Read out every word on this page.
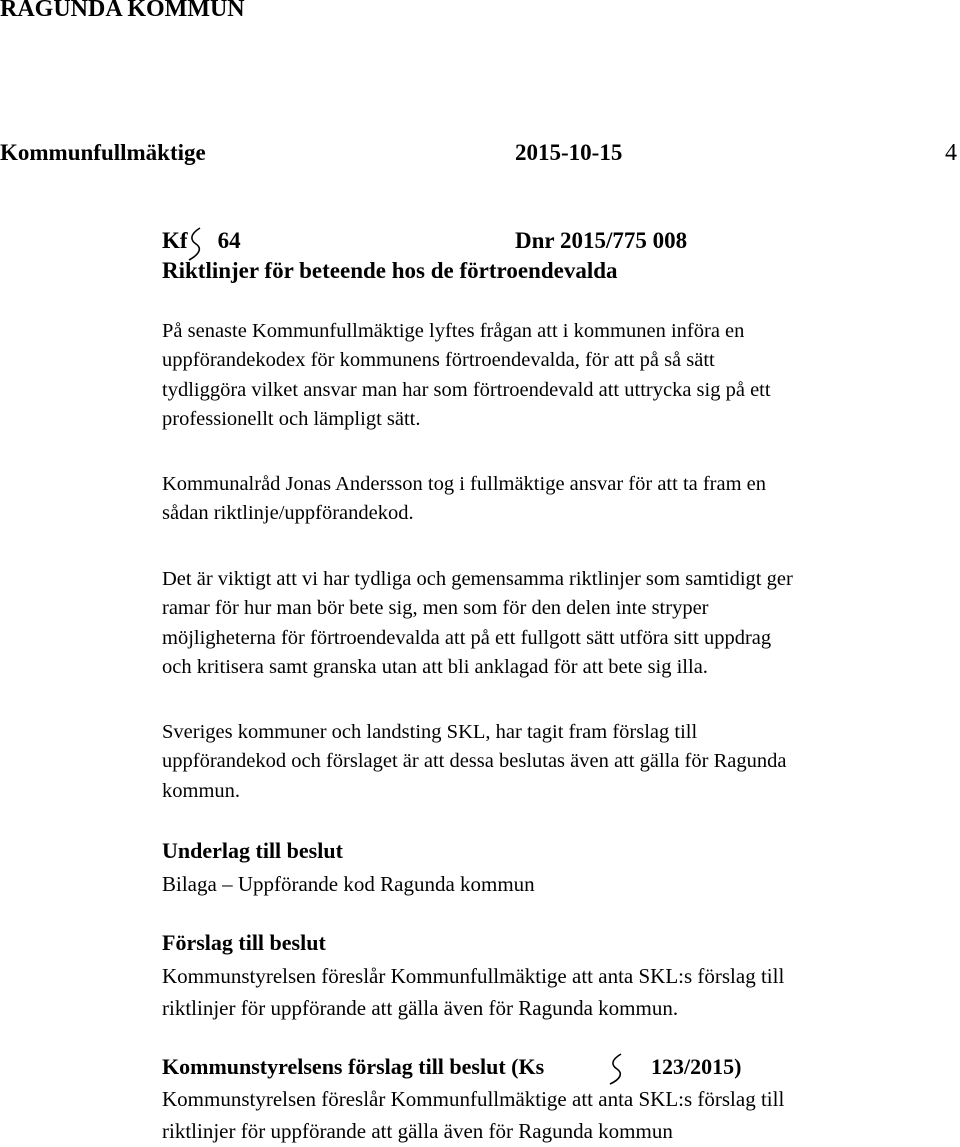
RAGUNDA KOMMUN
Kommunfullmäktige	2015-10-15	4
Kf 64	Dnr 2015/775 008
Riktlinjer för beteende hos de förtroendevalda

På senaste Kommunfullmäktige lyftes frågan att i kommunen införa en

uppförandekodex för kommunens förtroendevalda, för att på så sätt

tydliggöra vilket ansvar man har som förtroendevald att uttrycka sig på ett

professionellt och lämpligt sätt.

Kommunalråd Jonas Andersson tog i fullmäktige ansvar för att ta fram en

sådan riktlinje/uppförandekod.

Det är viktigt att vi har tydliga och gemensamma riktlinjer som samtidigt ger

ramar för hur man bör bete sig, men som för den delen inte stryper

möjligheterna för förtroendevalda att på ett fullgott sätt utföra sitt uppdrag

och kritisera samt granska utan att bli anklagad för att bete sig illa.

Sveriges kommuner och landsting SKL, har tagit fram förslag till

uppförandekod och förslaget är att dessa beslutas även att gälla för Ragunda

kommun.

Underlag till beslut

Bilaga – Uppförande kod Ragunda kommun

Förslag till beslut

Kommunstyrelsen föreslår Kommunfullmäktige att anta SKL:s förslag till

riktlinjer för uppförande att gälla även för Ragunda kommun.

Kommunstyrelsens förslag till beslut (Ks	123/2015)

Kommunstyrelsen föreslår Kommunfullmäktige att anta SKL:s förslag till

riktlinjer för uppförande att gälla även för Ragunda kommun
